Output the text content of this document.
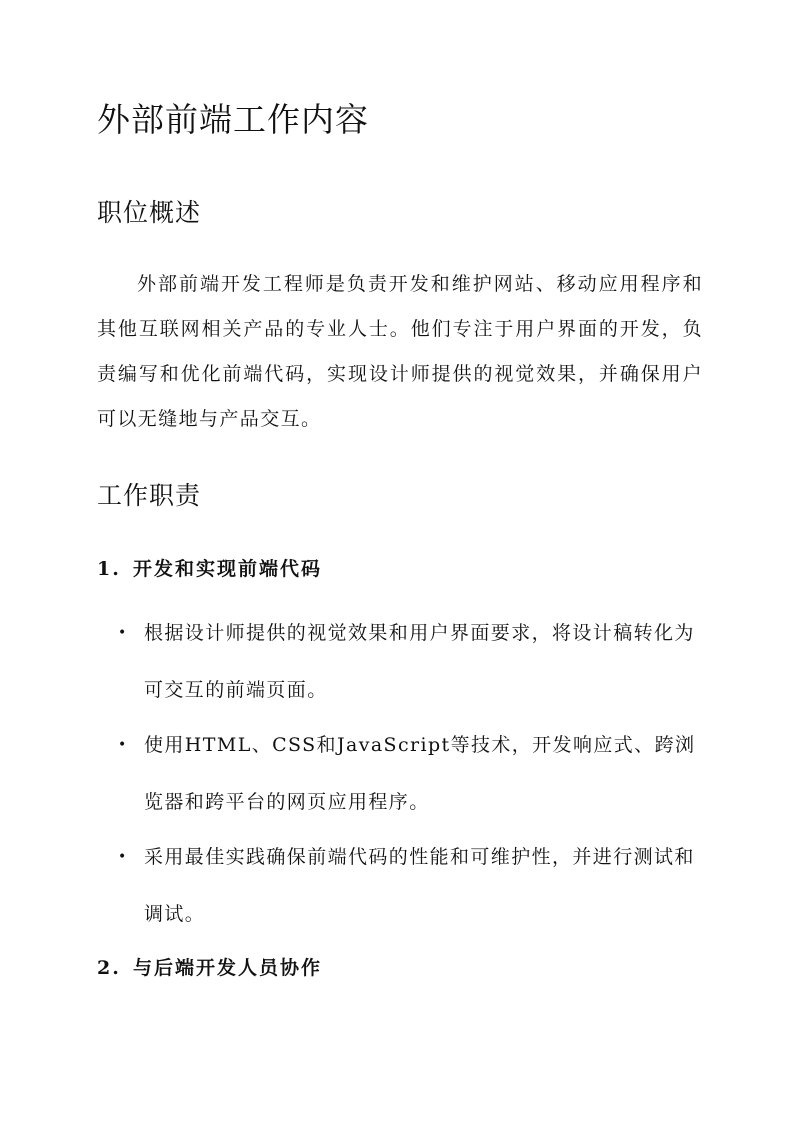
外部前端工作内容
职位概述

外部前端开发工程师是负责开发和维护网站、移动应用程序和其他互联网相关产品的专业人士。他们专注于用户界面的开发，负责编写和优化前端代码，实现设计师提供的视觉效果，并确保用户可以无缝地与产品交互。

工作职责
1. 开发和实现前端代码

• 根据设计师提供的视觉效果和用户界面要求，将设计稿转化为可交互的前端页面。

• 使用HTML、CSS和JavaScript等技术，开发响应式、跨浏览器和跨平台的网页应用程序。

• 采用最佳实践确保前端代码的性能和可维护性，并进行测试和调试。

2. 与后端开发人员协作
